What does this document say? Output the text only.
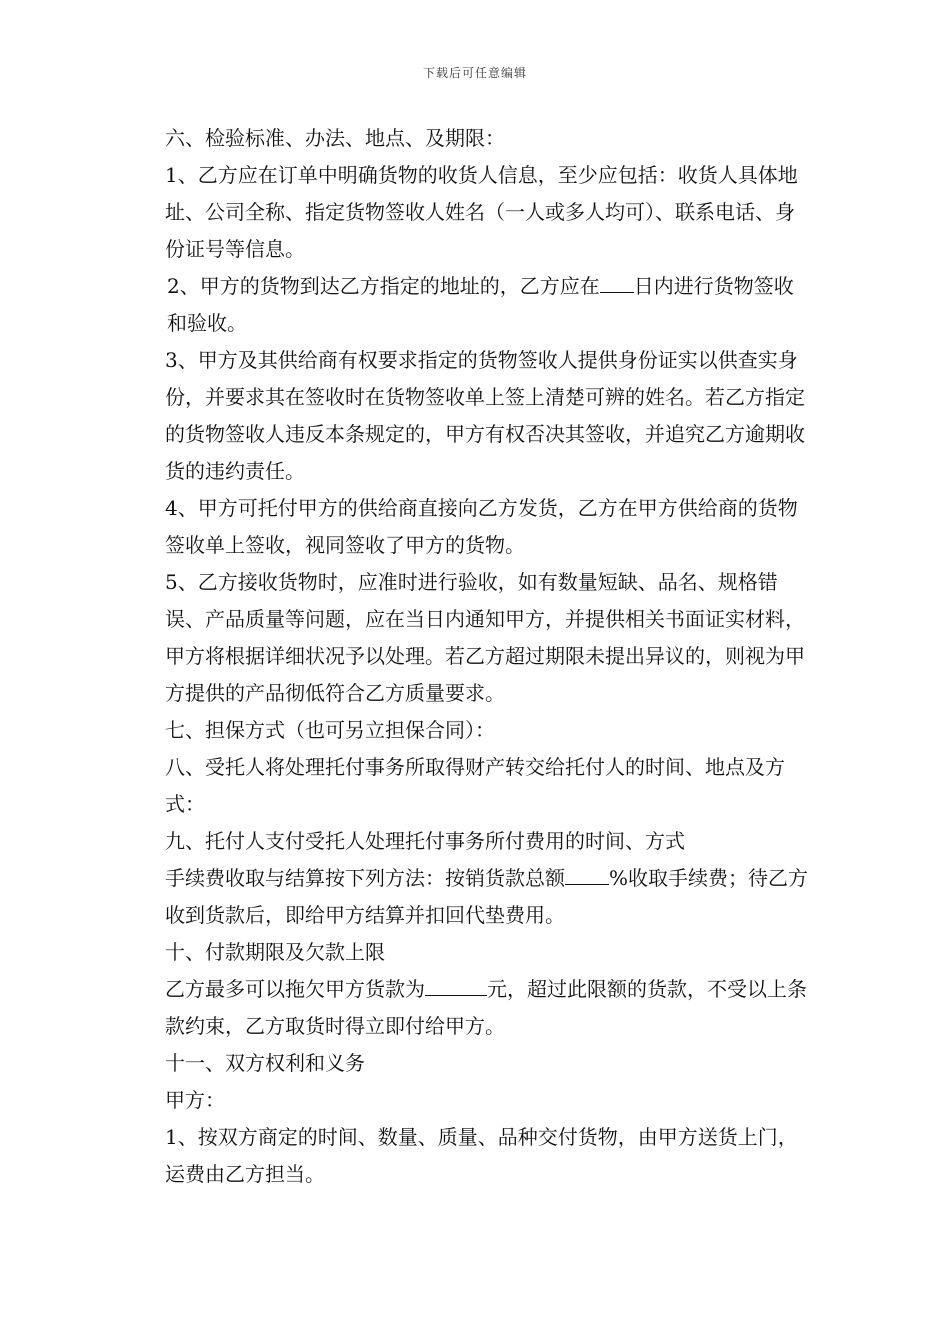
下载后可任意编辑

六、检验标准、办法、地点、及期限：

1、乙方应在订单中明确货物的收货人信息，至少应包括：收货人具体地址、公司全称、指定货物签收人姓名（一人或多人均可）、联系电话、身份证号等信息。

2、甲方的货物到达乙方指定的地址的，乙方应在 日内进行货物签收和验收。

3、甲方及其供给商有权要求指定的货物签收人提供身份证实以供查实身份，并要求其在签收时在货物签收单上签上清楚可辨的姓名。若乙方指定的货物签收人违反本条规定的，甲方有权否决其签收，并追究乙方逾期收货的违约责任。

4、甲方可托付甲方的供给商直接向乙方发货，乙方在甲方供给商的货物签收单上签收，视同签收了甲方的货物。

5、乙方接收货物时，应准时进行验收，如有数量短缺、品名、规格错误、产品质量等问题，应在当日内通知甲方，并提供相关书面证实材料，甲方将根据详细状况予以处理。若乙方超过期限未提出异议的，则视为甲方提供的产品彻低符合乙方质量要求。

七、担保方式（也可另立担保合同）：

八、受托人将处理托付事务所取得财产转交给托付人的时间、地点及方式：

九、托付人支付受托人处理托付事务所付费用的时间、方式

手续费收取与结算按下列方法：按销货款总额 %收取手续费；待乙方收到货款后，即给甲方结算并扣回代垫费用。

十、付款期限及欠款上限

乙方最多可以拖欠甲方货款为	元，超过此限额的货款，不受以上条款约束，乙方取货时得立即付给甲方。

十一、双方权利和义务

甲方：

1、按双方商定的时间、数量、质量、品种交付货物，由甲方送货上门，运费由乙方担当。
